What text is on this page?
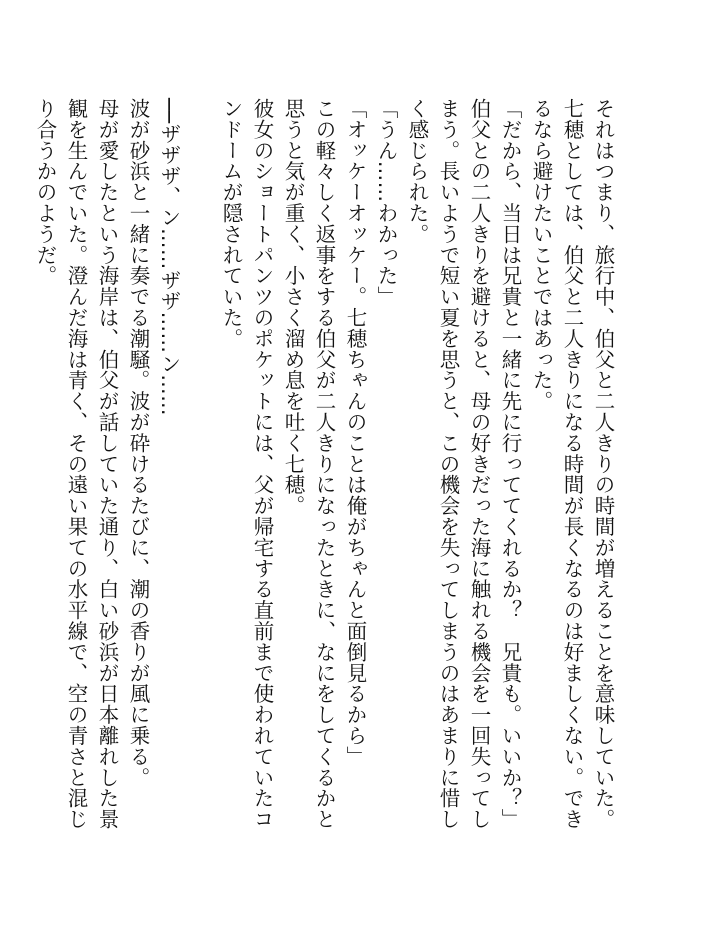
それはつまり、旅行中、伯父と二人きりの時間が増えることを意味していた。

七穂としては、伯父と二人きりになる時間が長くなるのは好ましくない。できるなら避けたいことではあった。

「だから、当日は兄貴と一緒に先に行っててくれるか？　兄貴も。いいか？」

伯父との二人きりを避けると、母の好きだった海に触れる機会を一回失ってしまう。長いようで短い夏を思うと、この機会を失ってしまうのはあまりに惜しく感じられた。

「うん……わかった」

「オッケーオッケー。七穂ちゃんのことは俺がちゃんと面倒見るから」

この軽々しく返事をする伯父が二人きりになったときに、なにをしてくるかと思うと気が重く、小さく溜め息を吐く七穂。

彼女のショートパンツのポケットには、父が帰宅する直前まで使われていたコンドームが隠されていた。

──ザザザ、ン……ザザ……ン……

波が砂浜と一緒に奏でる潮騒。波が砕けるたびに、潮の香りが風に乗る。

母が愛したという海岸は、伯父が話していた通り、白い砂浜が日本離れした景観を生んでいた。澄んだ海は青く、その遠い果ての水平線で、空の青さと混じり合うかのようだ。
